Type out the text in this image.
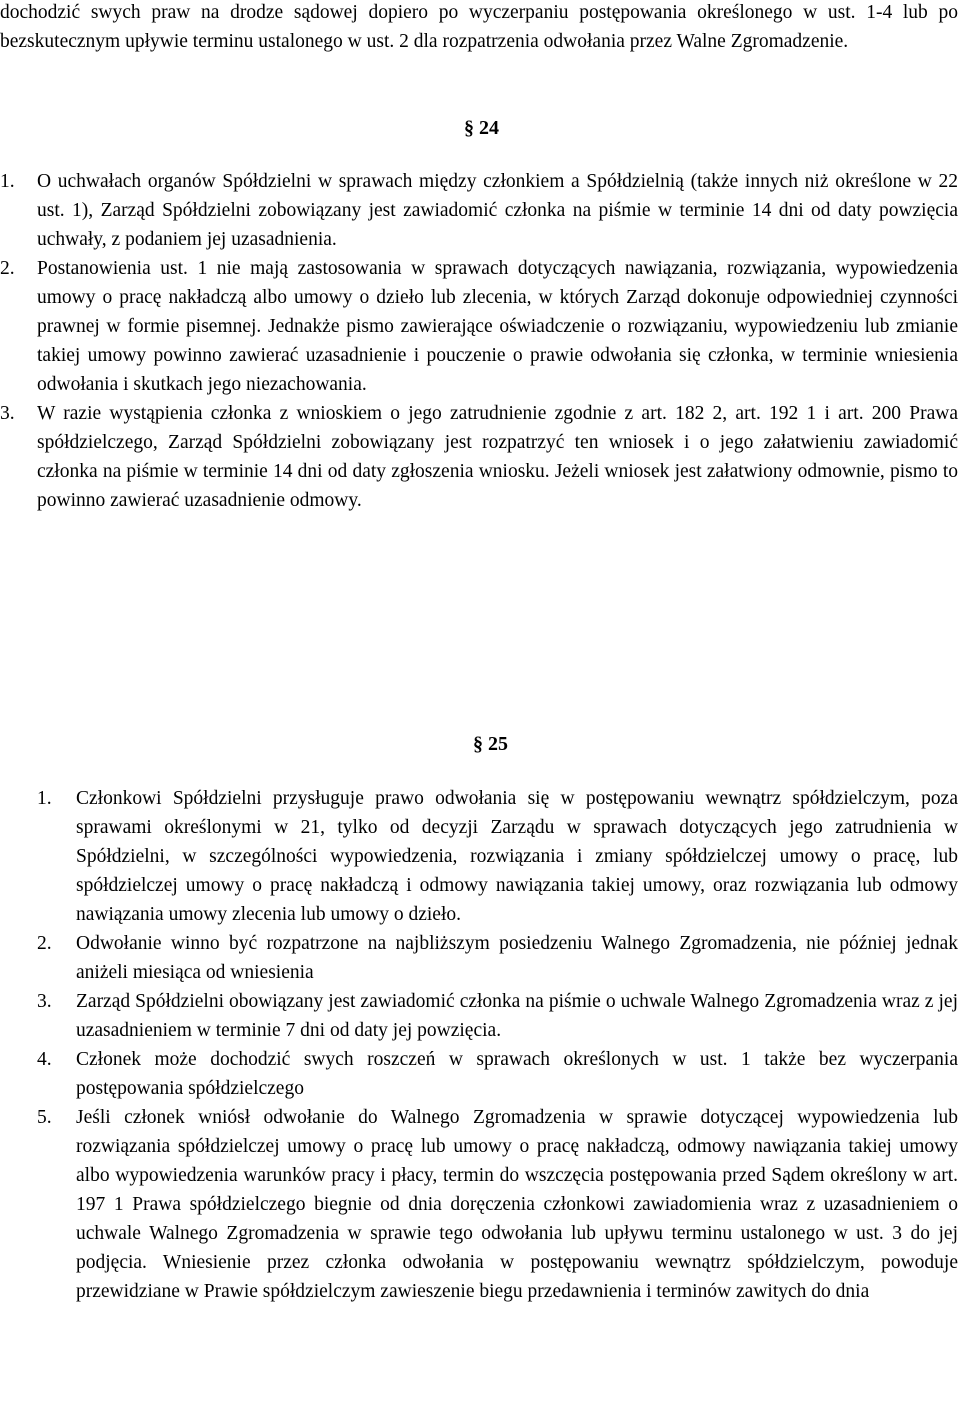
dochodzić swych praw na drodze sądowej dopiero po wyczerpaniu postępowania określonego w ust. 1-4 lub po bezskutecznym upływie terminu ustalonego w ust. 2 dla rozpatrzenia odwołania przez Walne Zgromadzenie.

§ 24
1.	O uchwałach organów Spółdzielni w sprawach między członkiem a Spółdzielnią (także innych niż określone w 22 ust. 1), Zarząd Spółdzielni zobowiązany jest zawiadomić członka na piśmie w terminie 14 dni od daty powzięcia uchwały, z podaniem jej uzasadnienia.

2.	Postanowienia ust. 1 nie mają zastosowania w sprawach dotyczących nawiązania, rozwiązania, wypowiedzenia umowy o pracę nakładczą albo umowy o dzieło lub zlecenia, w których Zarząd dokonuje odpowiedniej czynności prawnej w formie pisemnej. Jednakże pismo zawierające oświadczenie o rozwiązaniu, wypowiedzeniu lub zmianie takiej umowy powinno zawierać uzasadnienie i pouczenie o prawie odwołania się członka, w terminie wniesienia odwołania i skutkach jego niezachowania.

3.	W razie wystąpienia członka z wnioskiem o jego zatrudnienie zgodnie z art. 182 2, art. 192 1 i art. 200 Prawa spółdzielczego, Zarząd Spółdzielni zobowiązany jest rozpatrzyć ten wniosek i o jego załatwieniu zawiadomić członka na piśmie w terminie 14 dni od daty zgłoszenia wniosku. Jeżeli wniosek jest załatwiony odmownie, pismo to powinno zawierać uzasadnienie odmowy.

§ 25
1.	Członkowi Spółdzielni przysługuje prawo odwołania się w postępowaniu wewnątrz spółdzielczym, poza sprawami określonymi w 21, tylko od decyzji Zarządu w sprawach dotyczących jego zatrudnienia w Spółdzielni, w szczególności wypowiedzenia, rozwiązania i zmiany spółdzielczej umowy o pracę, lub spółdzielczej umowy o pracę nakładczą i odmowy nawiązania takiej umowy, oraz rozwiązania lub odmowy nawiązania umowy zlecenia lub umowy o dzieło.

2.	Odwołanie winno być rozpatrzone na najbliższym posiedzeniu Walnego Zgromadzenia, nie później jednak aniżeli miesiąca od wniesienia

3.	Zarząd Spółdzielni obowiązany jest zawiadomić członka na piśmie o uchwale Walnego Zgromadzenia wraz z jej uzasadnieniem w terminie 7 dni od daty jej powzięcia.

4.	Członek może dochodzić swych roszczeń w sprawach określonych w ust. 1 także bez wyczerpania postępowania spółdzielczego

5.	Jeśli członek wniósł odwołanie do Walnego Zgromadzenia w sprawie dotyczącej wypowiedzenia lub rozwiązania spółdzielczej umowy o pracę lub umowy o pracę nakładczą, odmowy nawiązania takiej umowy albo wypowiedzenia warunków pracy i płacy, termin do wszczęcia postępowania przed Sądem określony w art. 197 1 Prawa spółdzielczego biegnie od dnia doręczenia członkowi zawiadomienia wraz z uzasadnieniem o uchwale Walnego Zgromadzenia w sprawie tego odwołania lub upływu terminu ustalonego w ust. 3 do jej podjęcia. Wniesienie przez członka odwołania w postępowaniu wewnątrz spółdzielczym, powoduje przewidziane w Prawie spółdzielczym zawieszenie biegu przedawnienia i terminów zawitych do dnia
